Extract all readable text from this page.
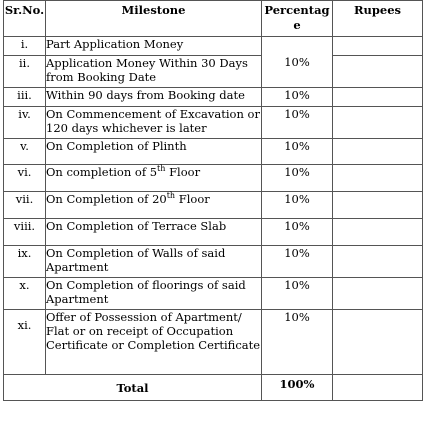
Sr.No.	Milestone	Percentage	Rupees
i.	Part Application Money	10%	
ii.	Application Money Within 30 Days from Booking Date		
iii.	Within 90 days from Booking date	10%	
iv.	On Commencement of Excavation or 120 days whichever is later	10%	
v.	On Completion of Plinth	10%	
vi.	On completion of 5th Floor	10%	
vii.	On Completion of 20th Floor	10%	
viii.	On Completion of Terrace Slab	10%	
ix.	On Completion of Walls of said Apartment	10%	
x.	On Completion of floorings of said Apartment	10%	
xi.	Offer of Possession of Apartment/ Flat or on receipt of Occupation Certificate or Completion Certificate	10%	
Total		100%	
